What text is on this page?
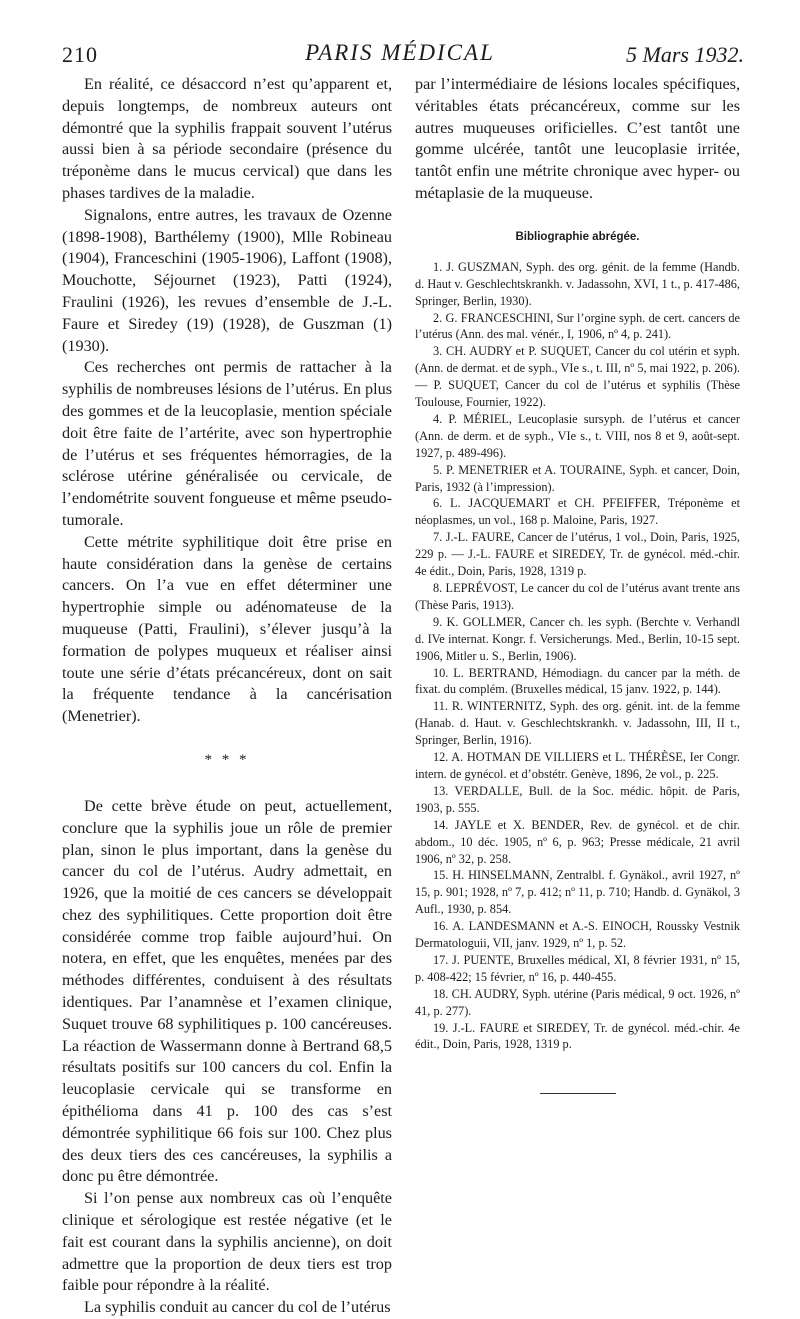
210	PARIS MÉDICAL	5 Mars 1932.

En réalité, ce désaccord n’est qu’apparent et, depuis longtemps, de nombreux auteurs ont démontré que la syphilis frappait souvent l’utérus aussi bien à sa période secondaire (présence du tréponème dans le mucus cervical) que dans les phases tardives de la maladie.

Signalons, entre autres, les travaux de Ozenne (1898-1908), Barthélemy (1900), Mlle Robineau (1904), Franceschini (1905-1906), Laffont (1908), Mouchotte, Séjournet (1923), Patti (1924), Fraulini (1926), les revues d’ensemble de J.-L. Faure et Siredey (19) (1928), de Guszman (1) (1930).

Ces recherches ont permis de rattacher à la syphilis de nombreuses lésions de l’utérus. En plus des gommes et de la leucoplasie, mention spéciale doit être faite de l’artérite, avec son hypertrophie de l’utérus et ses fréquentes hémorragies, de la sclérose utérine généralisée ou cervicale, de l’endométrite souvent fongueuse et même pseudo-tumorale.

Cette métrite syphilitique doit être prise en haute considération dans la genèse de certains cancers. On l’a vue en effet déterminer une hypertrophie simple ou adénomateuse de la muqueuse (Patti, Fraulini), s’élever jusqu’à la formation de polypes muqueux et réaliser ainsi toute une série d’états précancéreux, dont on sait la fréquente tendance à la cancérisation (Menetrier).

* * *

De cette brève étude on peut, actuellement, conclure que la syphilis joue un rôle de premier plan, sinon le plus important, dans la genèse du cancer du col de l’utérus. Audry admettait, en 1926, que la moitié de ces cancers se développait chez des syphilitiques. Cette proportion doit être considérée comme trop faible aujourd’hui. On notera, en effet, que les enquêtes, menées par des méthodes différentes, conduisent à des résultats identiques. Par l’anamnèse et l’examen clinique, Suquet trouve 68 syphilitiques p. 100 cancéreuses. La réaction de Wassermann donne à Bertrand 68,5 résultats positifs sur 100 cancers du col. Enfin la leucoplasie cervicale qui se transforme en épithélioma dans 41 p. 100 des cas s’est démontrée syphilitique 66 fois sur 100. Chez plus des deux tiers des ces cancéreuses, la syphilis a donc pu être démontrée.

Si l’on pense aux nombreux cas où l’enquête clinique et sérologique est restée négative (et le fait est courant dans la syphilis ancienne), on doit admettre que la proportion de deux tiers est trop faible pour répondre à la réalité.

La syphilis conduit au cancer du col de l’utérus

par l’intermédiaire de lésions locales spécifiques, véritables états précancéreux, comme sur les autres muqueuses orificielles. C’est tantôt une gomme ulcérée, tantôt une leucoplasie irritée, tantôt enfin une métrite chronique avec hyper- ou métaplasie de la muqueuse.

Bibliographie abrégée.

1. J. GUSZMAN, Syph. des org. génit. de la femme (Handb. d. Haut v. Geschlechtskrankh. v. Jadassohn, XVI, 1 t., p. 417-486, Springer, Berlin, 1930).

2. G. FRANCESCHINI, Sur l’orgine syph. de cert. cancers de l’utérus (Ann. des mal. vénér., I, 1906, nº 4, p. 241).

3. CH. AUDRY et P. SUQUET, Cancer du col utérin et syph. (Ann. de dermat. et de syph., VIe s., t. III, nº 5, mai 1922, p. 206). — P. SUQUET, Cancer du col de l’utérus et syphilis (Thèse Toulouse, Fournier, 1922).

4. P. MÉRIEL, Leucoplasie sursyph. de l’utérus et cancer (Ann. de derm. et de syph., VIe s., t. VIII, nos 8 et 9, août-sept. 1927, p. 489-496).

5. P. MENETRIER et A. TOURAINE, Syph. et cancer, Doin, Paris, 1932 (à l’impression).

6. L. JACQUEMART et CH. PFEIFFER, Tréponème et néoplasmes, un vol., 168 p. Maloine, Paris, 1927.

7. J.-L. FAURE, Cancer de l’utérus, 1 vol., Doin, Paris, 1925, 229 p. — J.-L. FAURE et SIREDEY, Tr. de gynécol. méd.-chir. 4e édit., Doin, Paris, 1928, 1319 p.

8. LEPRÉVOST, Le cancer du col de l’utérus avant trente ans (Thèse Paris, 1913).

9. K. GOLLMER, Cancer ch. les syph. (Berchte v. Verhandl d. IVe internat. Kongr. f. Versicherungs. Med., Berlin, 10-15 sept. 1906, Mitler u. S., Berlin, 1906).

10. L. BERTRAND, Hémodiagn. du cancer par la méth. de fixat. du complém. (Bruxelles médical, 15 janv. 1922, p. 144).

11. R. WINTERNITZ, Syph. des org. génit. int. de la femme (Hanab. d. Haut. v. Geschlechtskrankh. v. Jadassohn, III, II t., Springer, Berlin, 1916).

12. A. HOTMAN DE VILLIERS et L. THÉRÈSE, Ier Congr. intern. de gynécol. et d’obstétr. Genève, 1896, 2e vol., p. 225.

13. VERDALLE, Bull. de la Soc. médic. hôpit. de Paris, 1903, p. 555.

14. JAYLE et X. BENDER, Rev. de gynécol. et de chir. abdom., 10 déc. 1905, nº 6, p. 963; Presse médicale, 21 avril 1906, nº 32, p. 258.

15. H. HINSELMANN, Zentralbl. f. Gynäkol., avril 1927, nº 15, p. 901; 1928, nº 7, p. 412; nº 11, p. 710; Handb. d. Gynäkol, 3 Aufl., 1930, p. 854.

16. A. LANDESMANN et A.-S. EINOCH, Roussky Vestnik Dermatologuii, VII, janv. 1929, nº 1, p. 52.

17. J. PUENTE, Bruxelles médical, XI, 8 février 1931, nº 15, p. 408-422; 15 février, nº 16, p. 440-455.

18. CH. AUDRY, Syph. utérine (Paris médical, 9 oct. 1926, nº 41, p. 277).

19. J.-L. FAURE et SIREDEY, Tr. de gynécol. méd.-chir. 4e édit., Doin, Paris, 1928, 1319 p.
